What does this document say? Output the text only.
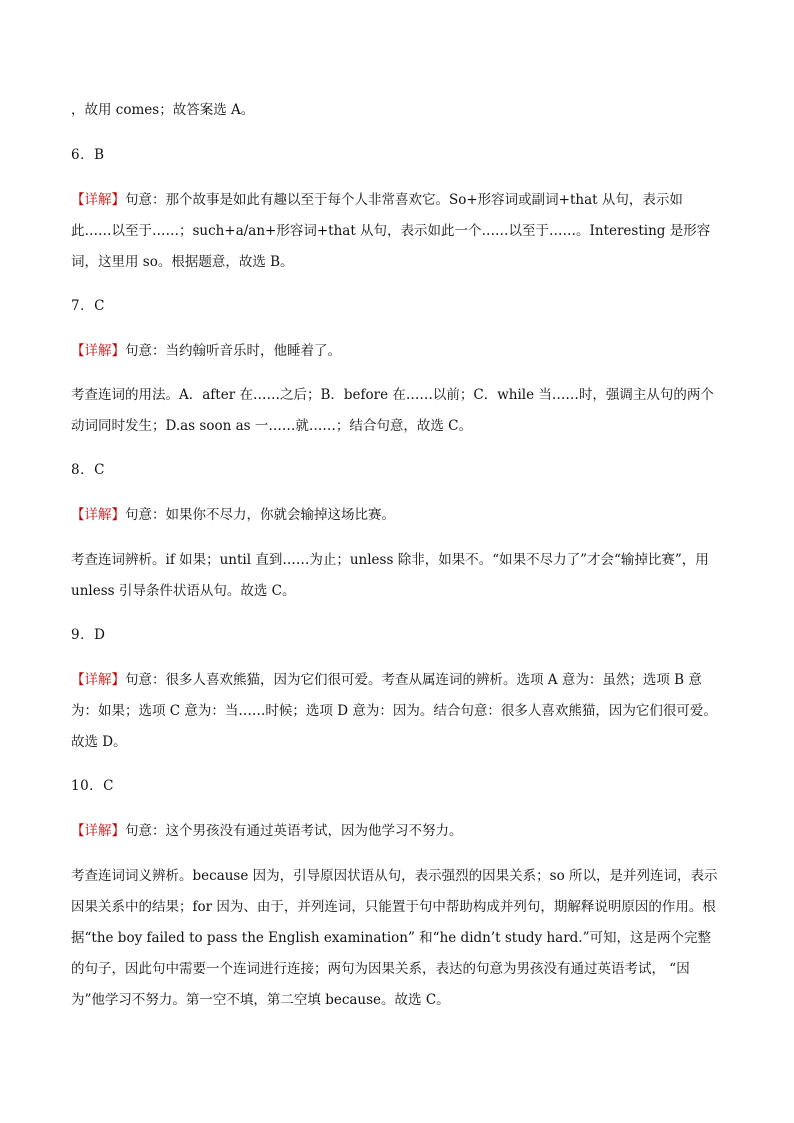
，故用 comes；故答案选 A。

6．B

【详解】句意：那个故事是如此有趣以至于每个人非常喜欢它。So+形容词或副词+that 从句，表示如此……以至于……；such+a/an+形容词+that 从句，表示如此一个……以至于……。Interesting 是形容词，这里用 so。根据题意，故选 B。

7．C

【详解】句意：当约翰听音乐时，他睡着了。

考查连词的用法。A．after 在……之后；B．before 在……以前；C．while 当……时，强调主从句的两个动词同时发生；D.as soon as 一……就……；结合句意，故选 C。

8．C

【详解】句意：如果你不尽力，你就会输掉这场比赛。

考查连词辨析。if 如果；until 直到……为止；unless 除非，如果不。“如果不尽力了”才会“输掉比赛”，用 unless 引导条件状语从句。故选 C。

9．D

【详解】句意：很多人喜欢熊猫，因为它们很可爱。考查从属连词的辨析。选项 A 意为：虽然；选项 B 意为：如果；选项 C 意为：当……时候；选项 D 意为：因为。结合句意：很多人喜欢熊猫，因为它们很可爱。故选 D。

10．C

【详解】句意：这个男孩没有通过英语考试，因为他学习不努力。

考查连词词义辨析。because 因为，引导原因状语从句，表示强烈的因果关系；so 所以，是并列连词，表示因果关系中的结果；for 因为、由于，并列连词，只能置于句中帮助构成并列句，期解释说明原因的作用。根据“the boy failed to pass the English examination” 和“he didn’t study hard.”可知，这是两个完整的句子，因此句中需要一个连词进行连接；两句为因果关系，表达的句意为男孩没有通过英语考试， “因为”他学习不努力。第一空不填，第二空填 because。故选 C。
